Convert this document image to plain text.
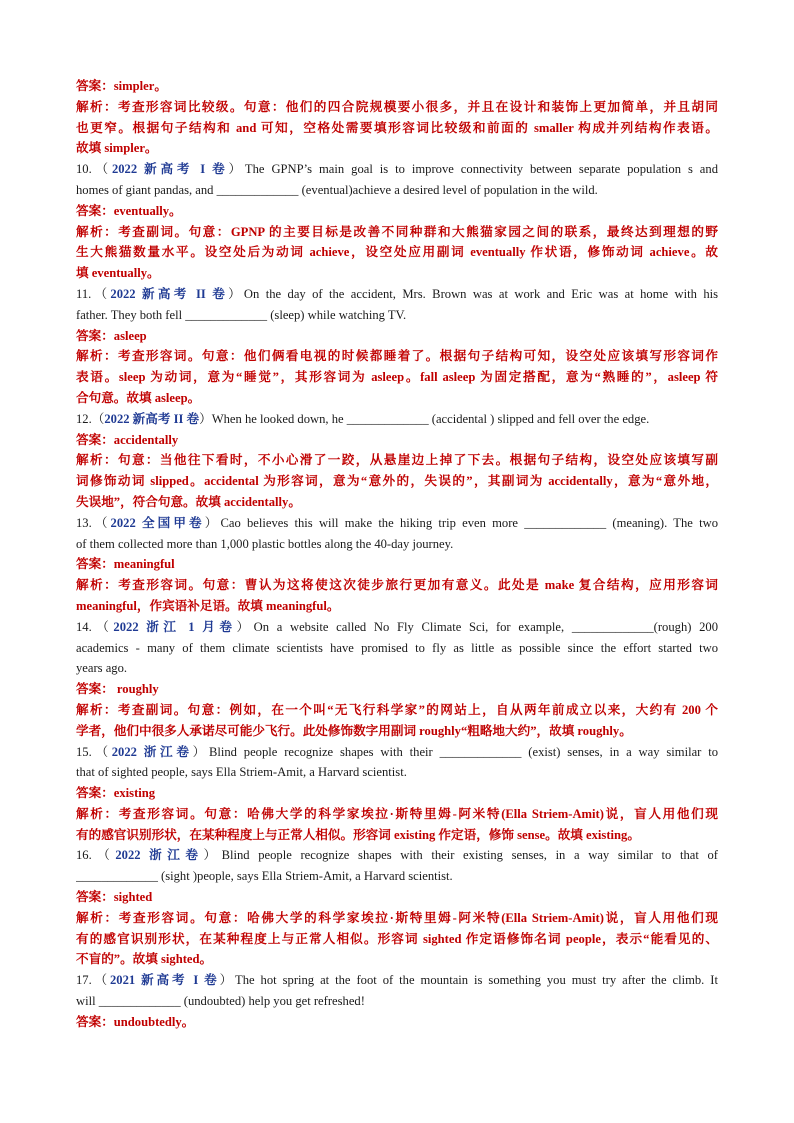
答案：simpler。
解析：考查形容词比较级。句意：他们的四合院规模要小很多，并且在设计和装饰上更加简单，并且胡同
也更窄。根据句子结构和 and 可知，空格处需要填形容词比较级和前面的 smaller 构成并列结构作表语。
故填 simpler。
10.（2022 新高考 I 卷）The GPNP’s main goal is to improve connectivity between separate population s and
homes of giant pandas, and _____________ (eventual)achieve a desired level of population in the wild.
答案：eventually。
解析：考查副词。句意：GPNP 的主要目标是改善不同种群和大熊猫家园之间的联系，最终达到理想的野
生大熊猫数量水平。设空处后为动词 achieve，设空处应用副词 eventually 作状语，修饰动词 achieve。故
填 eventually。
11.（2022 新高考 II 卷）On the day of the accident, Mrs. Brown was at work and Eric was at home with his
father. They both fell _____________ (sleep) while watching TV.
答案：asleep
解析：考查形容词。句意：他们俩看电视的时候都睡着了。根据句子结构可知，设空处应该填写形容词作
表语。sleep 为动词，意为“睡觉”，其形容词为 asleep。fall asleep 为固定搭配，意为“熟睡的”，asleep 符
合句意。故填 asleep。
12.（2022 新高考 II 卷）When he looked down, he _____________ (accidental ) slipped and fell over the edge.
答案：accidentally
解析：句意：当他往下看时，不小心滑了一跤，从悬崖边上掉了下去。根据句子结构，设空处应该填写副
词修饰动词 slipped。accidental 为形容词，意为“意外的，失误的”，其副词为 accidentally，意为“意外地，
失误地”，符合句意。故填 accidentally。
13.（2022 全国甲卷）Cao believes this will make the hiking trip even more _____________ (meaning). The two
of them collected more than 1,000 plastic bottles along the 40-day journey.
答案：meaningful
解析：考查形容词。句意：曹认为这将使这次徒步旅行更加有意义。此处是 make 复合结构，应用形容词
meaningful，作宾语补足语。故填 meaningful。
14.（2022 浙江 1 月卷）On a website called No Fly Climate Sci, for example, _____________(rough) 200
academics - many of them climate scientists have promised to fly as little as possible since the effort started two
years ago.
答案： roughly
解析：考查副词。句意：例如，在一个叫“无飞行科学家”的网站上，自从两年前成立以来，大约有 200 个
学者，他们中很多人承诺尽可能少飞行。此处修饰数字用副词 roughly“粗略地大约”，故填 roughly。
15.（2022 浙江卷）Blind people recognize shapes with their _____________ (exist) senses, in a way similar to
that of sighted people, says Ella Striem-Amit, a Harvard scientist.
答案：existing
解析：考查形容词。句意：哈佛大学的科学家埃拉·斯特里姆-阿米特(Ella Striem-Amit)说，盲人用他们现
有的感官识别形状，在某种程度上与正常人相似。形容词 existing 作定语，修饰 sense。故填 existing。
16.（2022 浙江卷）Blind people recognize shapes with their existing senses, in a way similar to that of
_____________ (sight )people, says Ella Striem-Amit, a Harvard scientist.
答案：sighted
解析：考查形容词。句意：哈佛大学的科学家埃拉·斯特里姆-阿米特(Ella Striem-Amit)说，盲人用他们现
有的感官识别形状，在某种程度上与正常人相似。形容词 sighted 作定语修饰名词 people，表示“能看见的、
不盲的”。故填 sighted。
17.（2021 新高考 I 卷）The hot spring at the foot of the mountain is something you must try after the climb. It
will _____________ (undoubted) help you get refreshed!
答案：undoubtedly。
